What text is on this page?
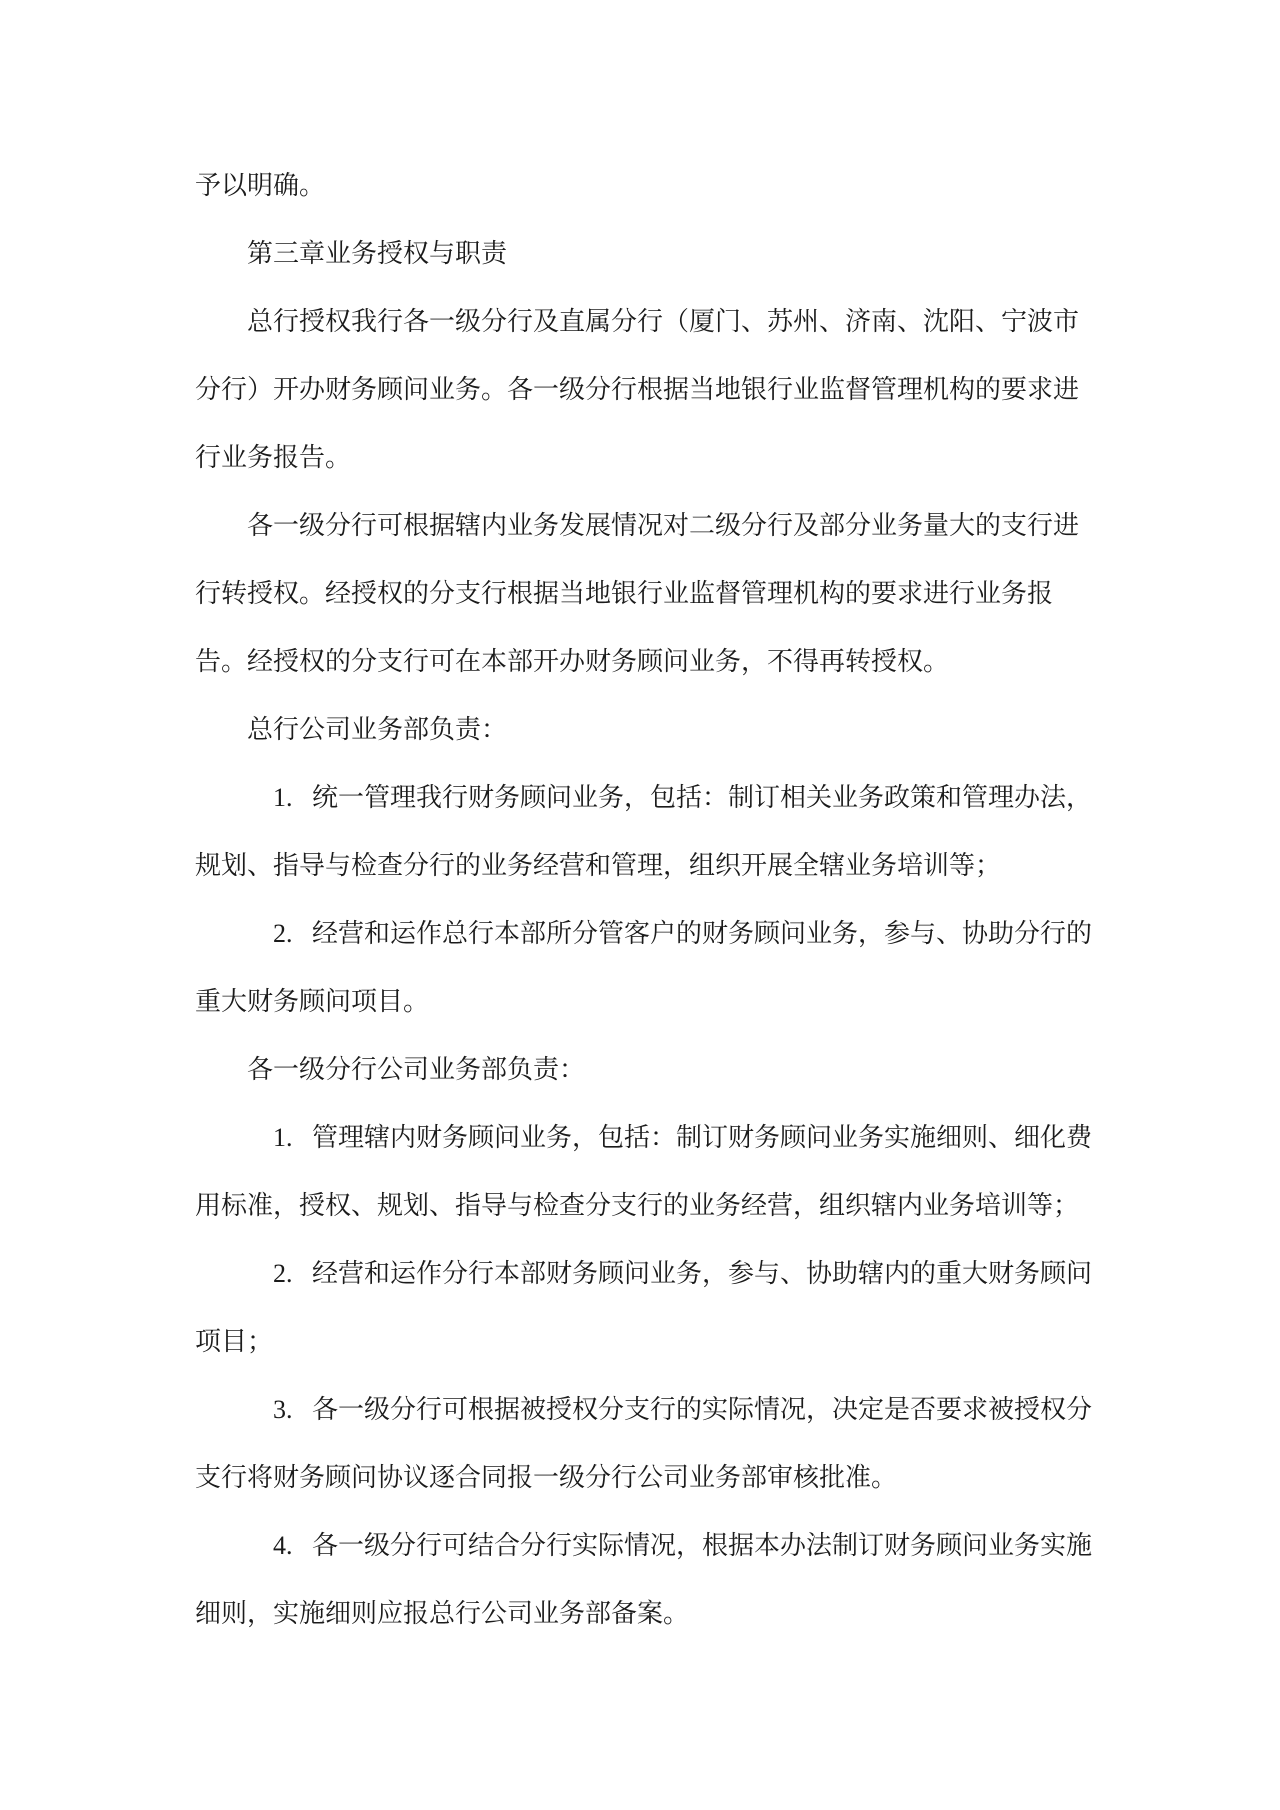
予以明确。

第三章业务授权与职责

总行授权我行各一级分行及直属分行（厦门、苏州、济南、沈阳、宁波市分行）开办财务顾问业务。各一级分行根据当地银行业监督管理机构的要求进行业务报告。

各一级分行可根据辖内业务发展情况对二级分行及部分业务量大的支行进行转授权。经授权的分支行根据当地银行业监督管理机构的要求进行业务报告。经授权的分支行可在本部开办财务顾问业务，不得再转授权。

总行公司业务部负责：

1. 统一管理我行财务顾问业务，包括：制订相关业务政策和管理办法，规划、指导与检查分行的业务经营和管理，组织开展全辖业务培训等；

2. 经营和运作总行本部所分管客户的财务顾问业务，参与、协助分行的重大财务顾问项目。

各一级分行公司业务部负责：

1. 管理辖内财务顾问业务，包括：制订财务顾问业务实施细则、细化费用标准，授权、规划、指导与检查分支行的业务经营，组织辖内业务培训等；

2. 经营和运作分行本部财务顾问业务，参与、协助辖内的重大财务顾问项目；

3. 各一级分行可根据被授权分支行的实际情况，决定是否要求被授权分支行将财务顾问协议逐合同报一级分行公司业务部审核批准。

4. 各一级分行可结合分行实际情况，根据本办法制订财务顾问业务实施细则，实施细则应报总行公司业务部备案。
